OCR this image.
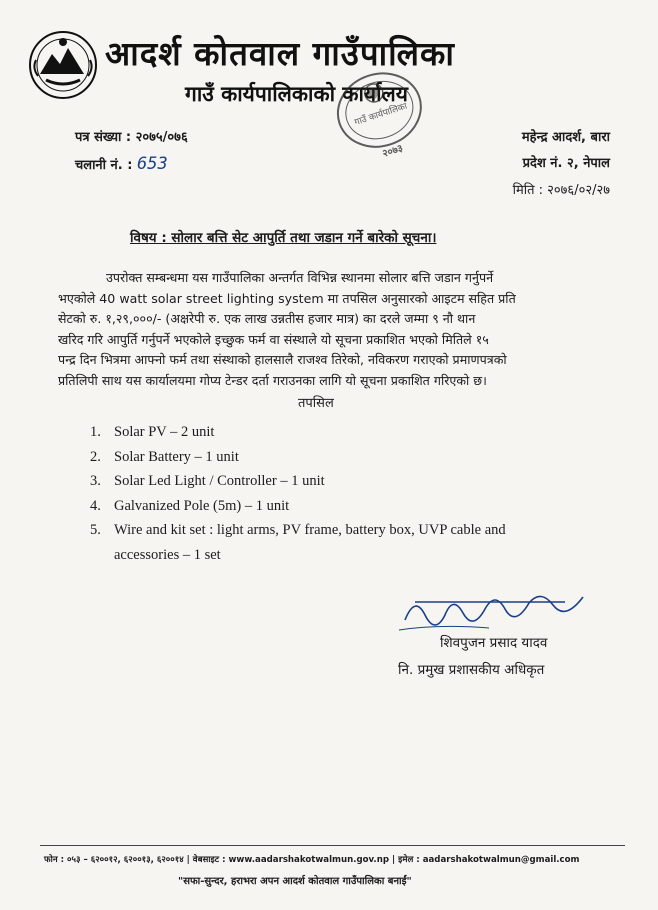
आदर्श कोतवाल गाउँपालिका
गाउँ कार्यपालिकाको कार्यालय
गाउँ कार्यपालिका
२०७३
पत्र संख्या : २०७५/०७६
चलानी नं. : 653
महेन्द्र आदर्श, बारा
प्रदेश नं. २, नेपाल
मिति : २०७६/०२/२७
विषय : सोलार बत्ति सेट आपुर्ति तथा जडान गर्ने बारेको सूचना।
उपरोक्त सम्बन्धमा यस गाउँपालिका अन्तर्गत विभिन्न स्थानमा सोलार बत्ति जडान गर्नुपर्ने
भएकोले 40 watt solar street lighting system मा तपसिल अनुसारको आइटम सहित प्रति
सेटको रु. १,२९,०००/- (अक्षरेपी रु. एक लाख उन्नतीस हजार मात्र) का दरले जम्मा ९ नौ थान
खरिद गरि आपुर्ति गर्नुपर्ने भएकोले इच्छुक फर्म वा संस्थाले यो सूचना प्रकाशित भएको मितिले १५
पन्द्र दिन भित्रमा आफ्नो फर्म तथा संस्थाको हालसालै राजश्व तिरेको, नविकरण गराएको प्रमाणपत्रको
प्रतिलिपी साथ यस कार्यालयमा गोप्य टेन्डर दर्ता गराउनका लागि यो सूचना प्रकाशित गरिएको छ।
तपसिल
1. Solar PV – 2 unit
2. Solar Battery – 1 unit
3. Solar Led Light / Controller – 1 unit
4. Galvanized Pole (5m) – 1 unit
5. Wire and kit set : light arms, PV frame, battery box, UVP cable and
accessories – 1 set
शिवपुजन प्रसाद यादव
नि. प्रमुख प्रशासकीय अधिकृत
फोन : ०५३ – ६२००१२, ६२००१३, ६२००१४ | वेबसाइट : www.aadarshakotwalmun.gov.np | इमेल : aadarshakotwalmun@gmail.com
"सफा-सुन्दर, हराभरा अपन आदर्श कोतवाल गाउँपालिका बनाईं"
